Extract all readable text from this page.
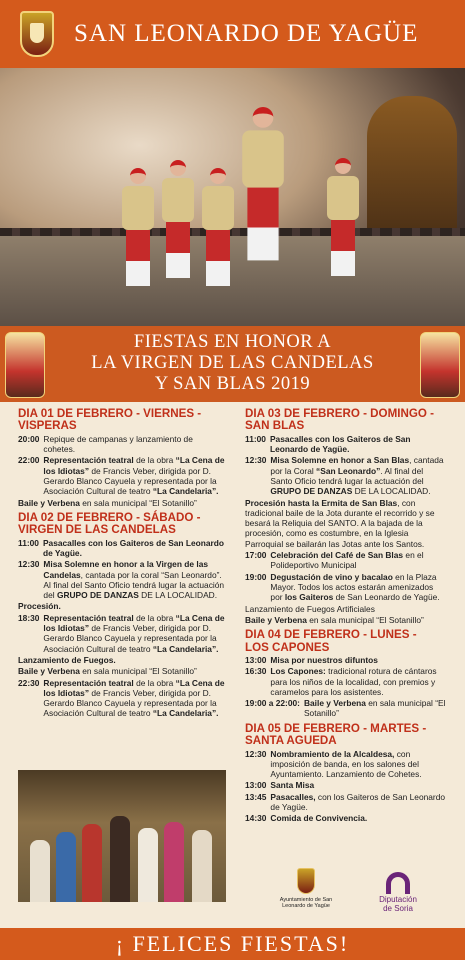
SAN LEONARDO DE YAGÜE
FIESTAS EN HONOR A
LA VIRGEN DE LAS CANDELAS
Y SAN BLAS 2019
DIA 01 DE FEBRERO - VIERNES -
VISPERAS
20:00 Repique de campanas y lanzamiento de cohetes.
22:00 Representación teatral de la obra “La Cena de los Idiotas” de Francis Veber, dirigida por D. Gerardo Blanco Cayuela y representada por la Asociación Cultural de teatro “La Candelaria”.
Baile y Verbena en sala municipal “El Sotanillo”
DIA 02 DE FEBRERO - SÁBADO -
VIRGEN DE LAS CANDELAS
11:00 Pasacalles con los Gaiteros de San Leonardo de Yagüe.
12:30 Misa Solemne en honor a la Virgen de las Candelas, cantada por la coral “San Leonardo”. Al final del Santo Oficio tendrá lugar la actuación del GRUPO DE DANZAS DE LA LOCALIDAD.
Procesión.
18:30 Representación teatral de la obra “La Cena de los Idiotas” de Francis Veber, dirigida por D. Gerardo Blanco Cayuela y representada por la Asociación Cultural de teatro “La Candelaria”.
Lanzamiento de Fuegos.
Baile y Verbena en sala municipal “El Sotanillo”
22:30 Representación teatral de la obra “La Cena de los Idiotas” de Francis Veber, dirigida por D. Gerardo Blanco Cayuela y representada por la Asociación Cultural de teatro “La Candelaria”.
DIA 03 DE FEBRERO - DOMINGO -
SAN BLAS
11:00 Pasacalles con los Gaiteros de San Leonardo de Yagüe.
12:30 Misa Solemne en honor a San Blas, cantada por la Coral “San Leonardo”. Al final del Santo Oficio tendrá lugar la actuación del GRUPO DE DANZAS DE LA LOCALIDAD.
Procesión hasta la Ermita de San Blas, con tradicional baile de la Jota durante el recorrido y se besará la Reliquia del SANTO. A la bajada de la procesión, como es costumbre, en la Iglesia Parroquial se bailarán las Jotas ante los Santos.
17:00 Celebración del Café de San Blas en el Polideportivo Municipal
19:00 Degustación de vino y bacalao en la Plaza Mayor. Todos los actos estarán amenizados por los Gaiteros de San Leonardo de Yagüe.
Lanzamiento de Fuegos Artificiales
Baile y Verbena en sala municipal “El Sotanillo”
DIA 04 DE FEBRERO - LUNES -
LOS CAPONES
13:00 Misa por nuestros difuntos
16:30 Los Capones: tradicional rotura de cántaros para los niños de la localidad, con premios y caramelos para los asistentes.
19:00 a 22:00: Baile y Verbena en sala municipal “El Sotanillo”
DIA 05 DE FEBRERO - MARTES -
SANTA AGUEDA
12:30 Nombramiento de la Alcaldesa, con imposición de banda, en los salones del Ayuntamiento. Lanzamiento de Cohetes.
13:00 Santa Misa
13:45 Pasacalles, con los Gaiteros de San Leonardo de Yagüe.
14:30 Comida de Convivencia.
Ayuntamiento de San Leonardo de Yagüe
Diputación
de Soria
¡ FELICES FIESTAS!
